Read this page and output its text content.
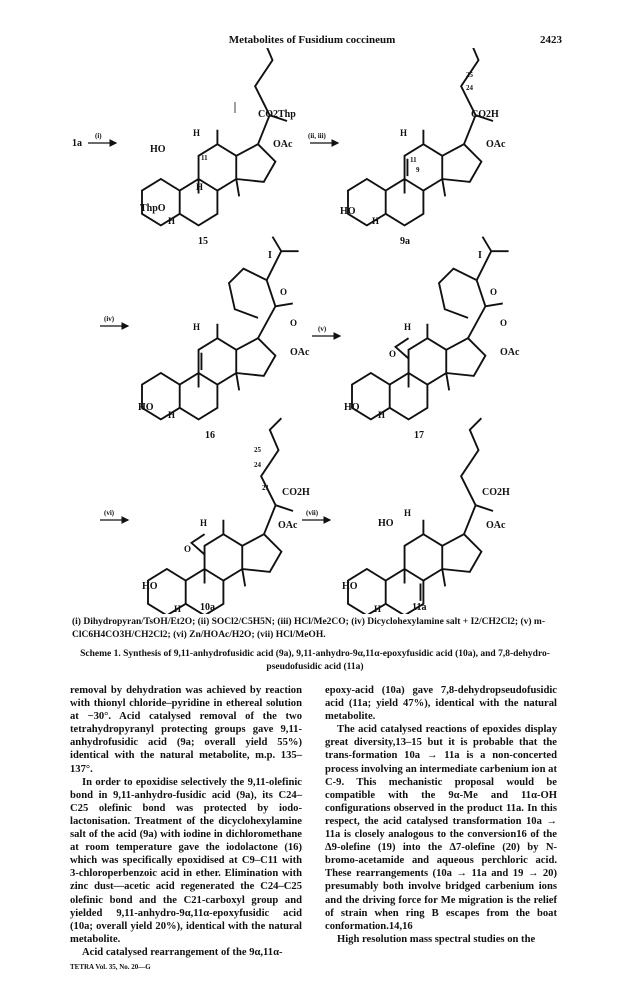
Metabolites of Fusidium coccineum	2423
1a
(i)
ThpO
HO
CO2Thp
OAc
H
H
H
11
15
(ii, iii)
CO2H
OAc
HO
25
24
11
9
H
H
9a
(iv)
OAc
I
O
O
HO
H
H
16
(v)
OAc
I
O
O
O
HO
H
H
17
(vi)
CO2H
OAc
O
HO
25
24
21
H
H
(vii)
CO2H
OAc
HO
HO
H
H
10a	11a
(i) Dihydropyran/TsOH/Et2O; (ii) SOCl2/C5H5N; (iii) HCl/Me2CO; (iv) Dicyclohexylamine salt + I2/CH2Cl2; (v) m-ClC6H4CO3H/CH2Cl2; (vi) Zn/HOAc/H2O; (vii) HCl/MeOH.
Scheme 1. Synthesis of 9,11-anhydrofusidic acid (9a), 9,11-anhydro-9α,11α-epoxyfusidic acid (10a), and 7,8-dehydro-pseudofusidic acid (11a)

removal by dehydration was achieved by reaction with thionyl chloride–pyridine in ethereal solution at −30°. Acid catalysed removal of the two tetrahydropyranyl protecting groups gave 9,11-anhydrofusidic acid (9a; overall yield 55%) identical with the natural metabolite, m.p. 135–137°.

In order to epoxidise selectively the 9,11-olefinic bond in 9,11-anhydro-fusidic acid (9a), its C24–C25 olefinic bond was protected by iodo-lactonisation. Treatment of the dicyclohexylamine salt of the acid (9a) with iodine in dichloromethane at room temperature gave the iodolactone (16) which was specifically epoxidised at C9–C11 with 3-chloroperbenzoic acid in ether. Elimination with zinc dust—acetic acid regenerated the C24–C25 olefinic bond and the C21-carboxyl group and yielded 9,11-anhydro-9α,11α-epoxyfusidic acid (10a; overall yield 20%), identical with the natural metabolite.

Acid catalysed rearrangement of the 9α,11α-

epoxy-acid (10a) gave 7,8-dehydropseudofusidic acid (11a; yield 47%), identical with the natural metabolite.

The acid catalysed reactions of epoxides display great diversity,13–15 but it is probable that the trans-formation 10a → 11a is a non-concerted process involving an intermediate carbenium ion at C-9. This mechanistic proposal would be compatible with the 9α-Me and 11α-OH configurations observed in the product 11a. In this respect, the acid catalysed transformation 10a → 11a is closely analogous to the conversion16 of the Δ9-olefine (19) into the Δ7-olefine (20) by N-bromo-acetamide and aqueous perchloric acid. These rearrangements (10a → 11a and 19 → 20) presumably both involve bridged carbenium ions and the driving force for Me migration is the relief of strain when ring B escapes from the boat conformation.14,16

High resolution mass spectral studies on the

TETRA Vol. 35, No. 20—G
